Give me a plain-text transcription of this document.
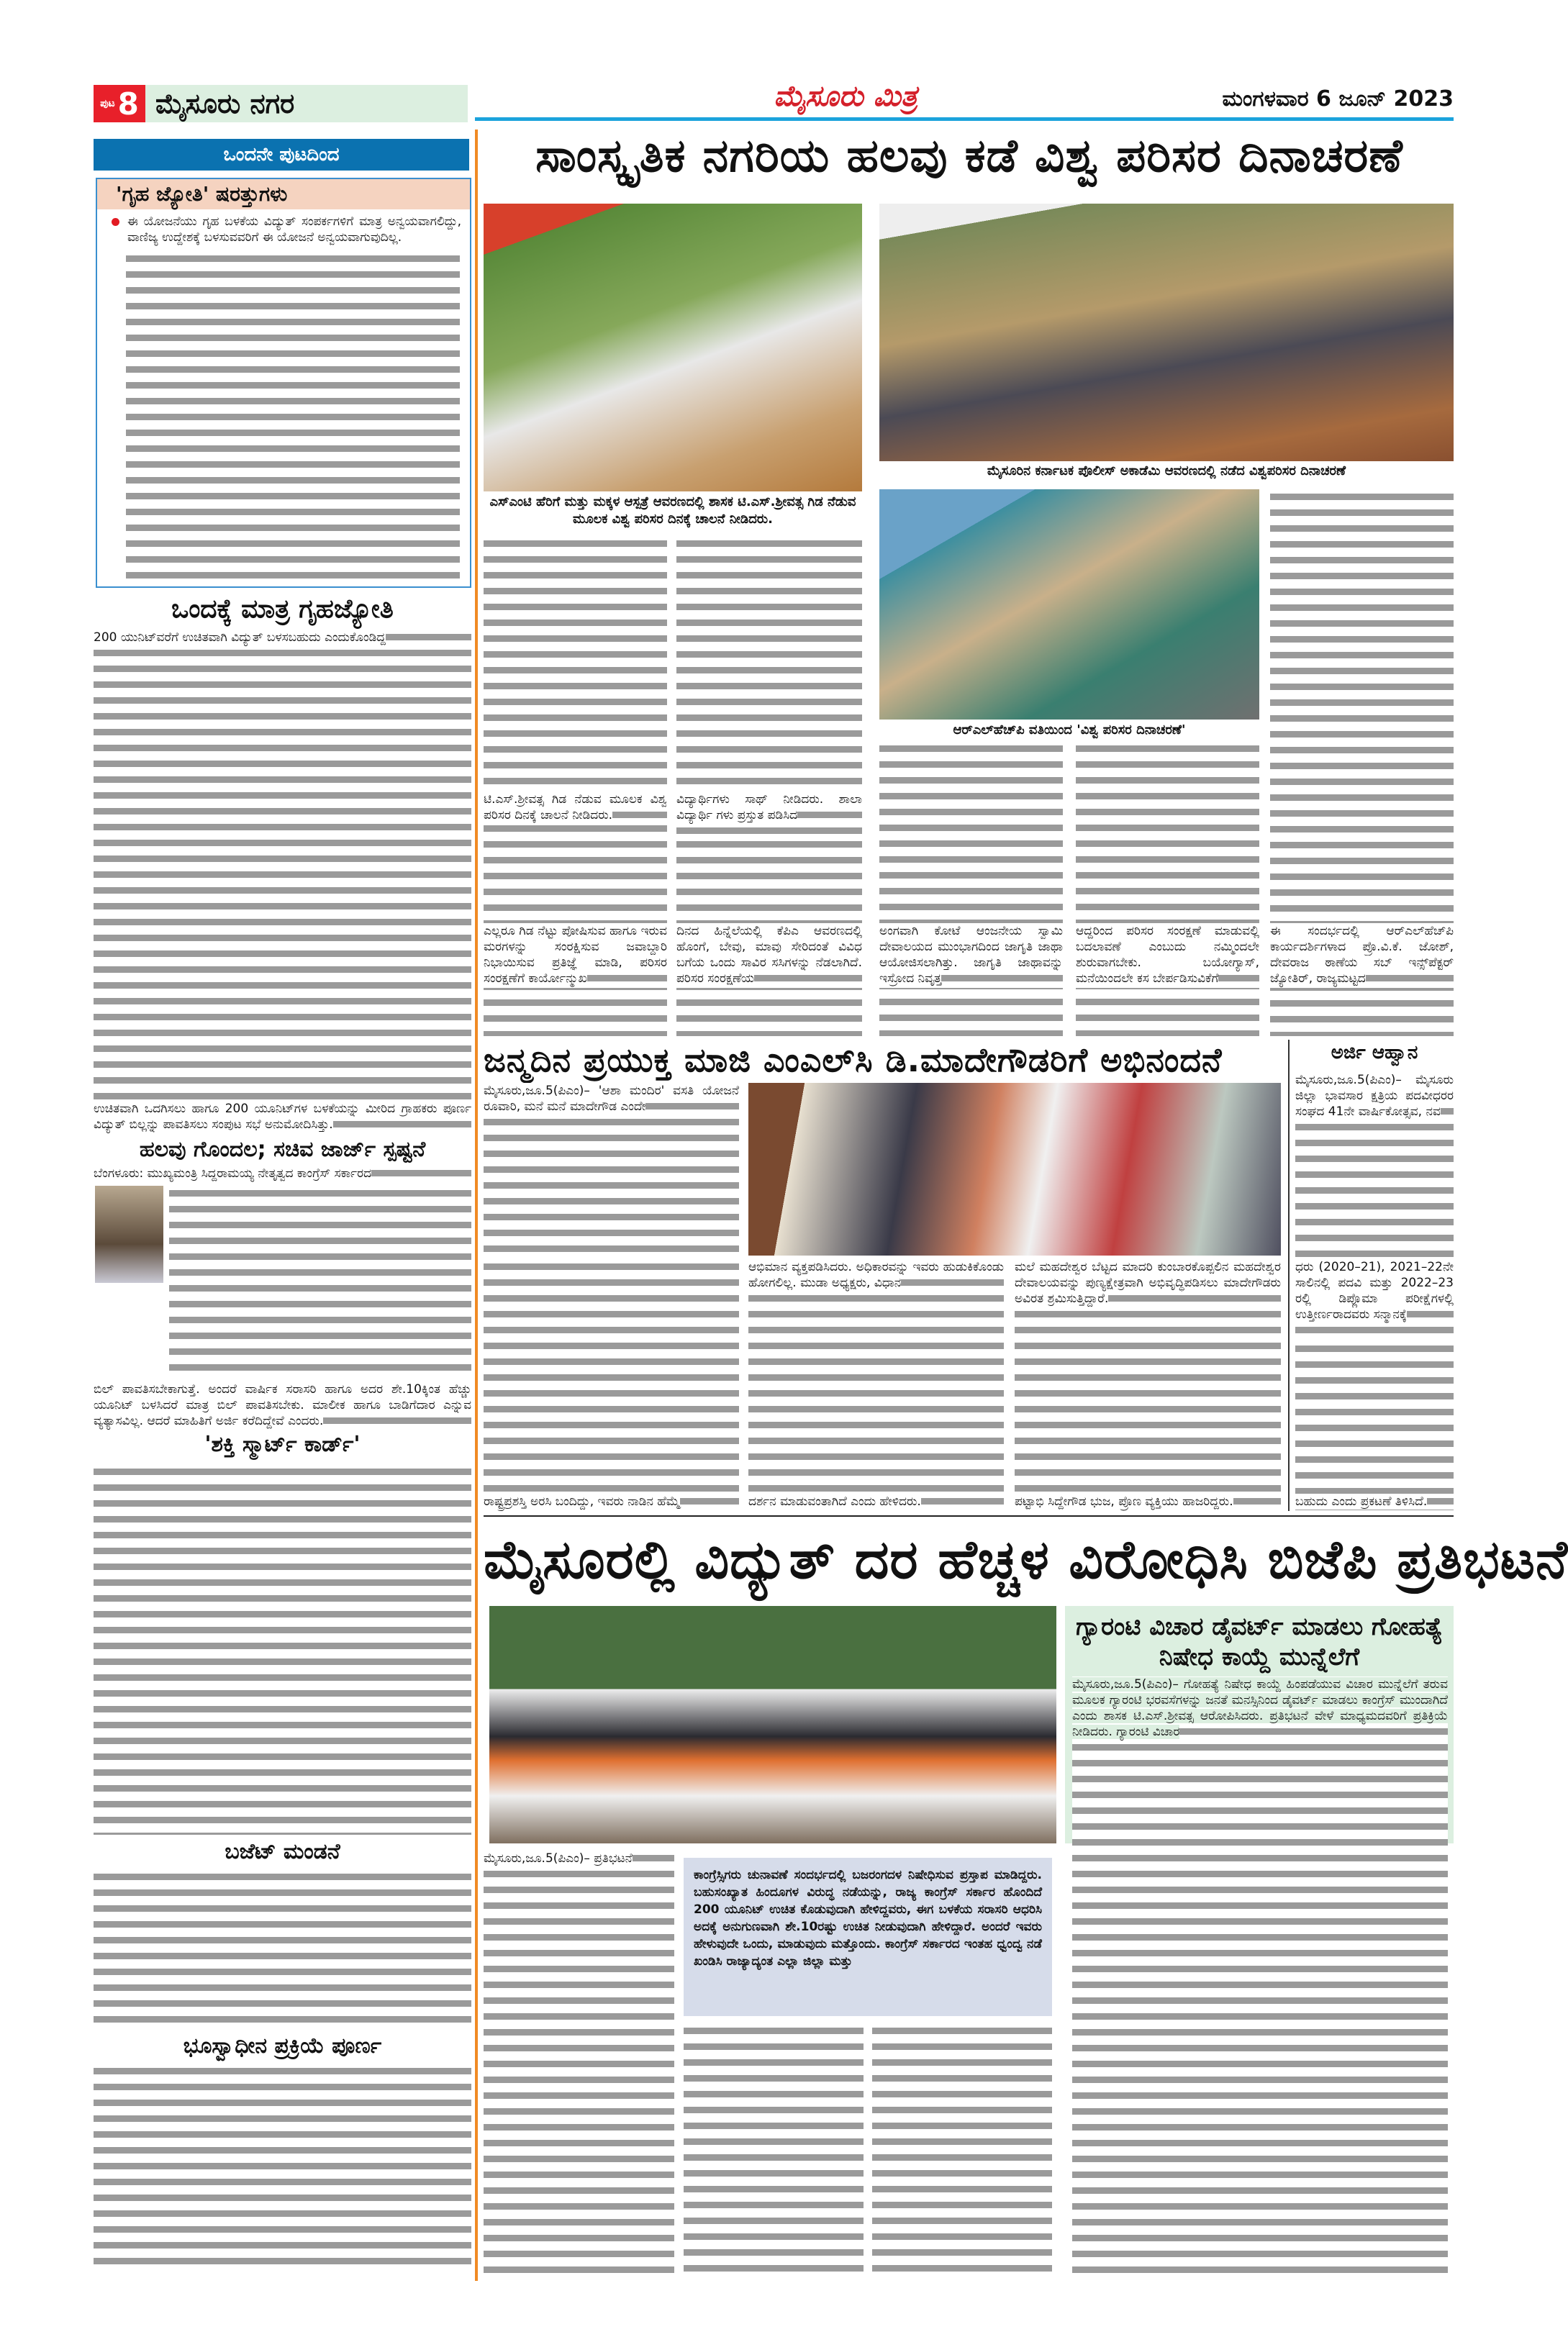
ಪುಟ 8 ಮೈಸೂರು ನಗರ	ಮೈಸೂರು ಮಿತ್ರ	ಮಂಗಳವಾರ 6 ಜೂನ್ 2023
ಒಂದನೇ ಪುಟದಿಂದ
'ಗೃಹ ಜ್ಯೋತಿ' ಷರತ್ತುಗಳು
ಈ ಯೋಜನೆಯು ಗೃಹ ಬಳಕೆಯ ವಿದ್ಯುತ್ ಸಂಪರ್ಕಗಳಿಗೆ ಮಾತ್ರ ಅನ್ವಯವಾಗಲಿದ್ದು, ವಾಣಿಜ್ಯ ಉದ್ದೇಶಕ್ಕೆ ಬಳಸುವವರಿಗೆ ಈ ಯೋಜನೆ ಅನ್ವಯವಾಗುವುದಿಲ್ಲ.
ಒಂದಕ್ಕೆ ಮಾತ್ರ ಗೃಹಜ್ಯೋತಿ
200 ಯುನಿಟ್‌ವರೆಗೆ ಉಚಿತವಾಗಿ ವಿದ್ಯುತ್ ಬಳಸಬಹುದು ಎಂದುಕೊಂಡಿದ್ದ
ಉಚಿತವಾಗಿ ಒದಗಿಸಲು ಹಾಗೂ 200 ಯೂನಿಟ್‌ಗಳ ಬಳಕೆಯನ್ನು ಮೀರಿದ ಗ್ರಾಹಕರು ಪೂರ್ಣ ವಿದ್ಯುತ್ ಬಿಲ್ಲನ್ನು ಪಾವತಿಸಲು ಸಂಪುಟ ಸಭೆ ಅನುಮೋದಿಸಿತ್ತು.
ಹಲವು ಗೊಂದಲ; ಸಚಿವ ಜಾರ್ಜ್ ಸ್ಪಷ್ಟನೆ
ಬೆಂಗಳೂರು: ಮುಖ್ಯಮಂತ್ರಿ ಸಿದ್ದರಾಮಯ್ಯ ನೇತೃತ್ವದ ಕಾಂಗ್ರೆಸ್ ಸರ್ಕಾರದ
ಬಿಲ್ ಪಾವತಿಸಬೇಕಾಗುತ್ತೆ. ಅಂದರೆ ವಾರ್ಷಿಕ ಸರಾಸರಿ ಹಾಗೂ ಅದರ ಶೇ.10ಕ್ಕಿಂತ ಹೆಚ್ಚು ಯೂನಿಟ್ ಬಳಸಿದರೆ ಮಾತ್ರ ಬಿಲ್ ಪಾವತಿಸಬೇಕು. ಮಾಲೀಕ ಹಾಗೂ ಬಾಡಿಗೆದಾರ ಎನ್ನುವ ವ್ಯತ್ಯಾಸವಿಲ್ಲ. ಆದರೆ ಮಾಹಿತಿಗೆ ಅರ್ಜಿ ಕರೆದಿದ್ದೇವೆ ಎಂದರು.
'ಶಕ್ತಿ ಸ್ಮಾರ್ಟ್ ಕಾರ್ಡ್'
ಬಜೆಟ್ ಮಂಡನೆ
ಭೂಸ್ವಾಧೀನ ಪ್ರಕ್ರಿಯೆ ಪೂರ್ಣ
ಸಾಂಸ್ಕೃತಿಕ ನಗರಿಯ ಹಲವು ಕಡೆ ವಿಶ್ವ ಪರಿಸರ ದಿನಾಚರಣೆ
ಎಸ್‌ಎಂಟಿ ಹೆರಿಗೆ ಮತ್ತು ಮಕ್ಕಳ ಆಸ್ಪತ್ರೆ ಆವರಣದಲ್ಲಿ ಶಾಸಕ ಟಿ.ಎಸ್.ಶ್ರೀವತ್ಸ ಗಿಡ ನೆಡುವ ಮೂಲಕ ವಿಶ್ವ ಪರಿಸರ ದಿನಕ್ಕೆ ಚಾಲನೆ ನೀಡಿದರು.
ಮೈಸೂರಿನ ಕರ್ನಾಟಕ ಪೊಲೀಸ್ ಅಕಾಡೆಮಿ ಆವರಣದಲ್ಲಿ ನಡೆದ ವಿಶ್ವಪರಿಸರ ದಿನಾಚರಣೆ
ಆರ್‌ಎಲ್‌ಹೆಚ್‌ಪಿ ವತಿಯಿಂದ 'ವಿಶ್ವ ಪರಿಸರ ದಿನಾಚರಣೆ'
ಟಿ.ಎಸ್.ಶ್ರೀವತ್ಸ ಗಿಡ ನೆಡುವ ಮೂಲಕ ವಿಶ್ವ ಪರಿಸರ ದಿನಕ್ಕೆ ಚಾಲನೆ ನೀಡಿದರು.
ವಿದ್ಯಾರ್ಥಿಗಳು ಸಾಥ್ ನೀಡಿದರು. ಶಾಲಾ ವಿದ್ಯಾರ್ಥಿ ಗಳು ಪ್ರಸ್ತುತ ಪಡಿಸಿದ
ಎಲ್ಲರೂ ಗಿಡ ನೆಟ್ಟು ಪೋಷಿಸುವ ಹಾಗೂ ಇರುವ ಮರಗಳನ್ನು ಸಂರಕ್ಷಿಸುವ ಜವಾಬ್ದಾರಿ ನಿಭಾಯಿಸುವ ಪ್ರತಿಜ್ಞೆ ಮಾಡಿ, ಪರಿಸರ ಸಂರಕ್ಷಣೆಗೆ ಕಾರ್ಯೋನ್ಮುಖ
ದಿನದ ಹಿನ್ನೆಲೆಯಲ್ಲಿ ಕೆಪಿಎ ಆವರಣದಲ್ಲಿ ಹೊಂಗೆ, ಬೇವು, ಮಾವು ಸೇರಿದಂತೆ ವಿವಿಧ ಬಗೆಯ ಒಂದು ಸಾವಿರ ಸಸಿಗಳನ್ನು ನೆಡಲಾಗಿದೆ. ಪರಿಸರ ಸಂರಕ್ಷಣೆಯ
ಅಂಗವಾಗಿ ಕೋಟೆ ಆಂಜನೇಯ ಸ್ವಾಮಿ ದೇವಾಲಯದ ಮುಂಭಾಗದಿಂದ ಜಾಗೃತಿ ಜಾಥಾ ಆಯೋಜಿಸಲಾಗಿತ್ತು. ಜಾಗೃತಿ ಜಾಥಾವನ್ನು ಇಸ್ರೋದ ನಿವೃತ್ತ
ಆದ್ದರಿಂದ ಪರಿಸರ ಸಂರಕ್ಷಣೆ ಮಾಡುವಲ್ಲಿ ಬದಲಾವಣೆ ಎಂಬುದು ನಮ್ಮಿಂದಲೇ ಶುರುವಾಗಬೇಕು. ಬಯೋಗ್ಯಾಸ್, ಮನೆಯಿಂದಲೇ ಕಸ ಬೇರ್ಪಡಿಸುವಿಕೆಗೆ
ಈ ಸಂದರ್ಭದಲ್ಲಿ ಆರ್‌ಎಲ್‌ಹೆಚ್‌ಪಿ ಕಾರ್ಯದರ್ಶಿಗಳಾದ ಪ್ರೊ.ವಿ.ಕೆ. ಜೋಶ್, ದೇವರಾಜ ಠಾಣೆಯ ಸಬ್ ಇನ್ಸ್‌ಪೆಕ್ಟರ್ ಜ್ಯೋತಿರ್, ರಾಜ್ಯಮಟ್ಟದ
ಜನ್ಮದಿನ ಪ್ರಯುಕ್ತ ಮಾಜಿ ಎಂಎಲ್‌ಸಿ ಡಿ.ಮಾದೇಗೌಡರಿಗೆ ಅಭಿನಂದನೆ
ಮೈಸೂರು,ಜೂ.5(ಪಿಎಂ)– 'ಆಶಾ ಮಂದಿರ' ವಸತಿ ಯೋಜನೆ ರೂವಾರಿ, ಮನೆ ಮನೆ ಮಾದೇಗೌಡ ಎಂದೇ
ಆಭಿಮಾನ ವ್ಯಕ್ತಪಡಿಸಿದರು. ಅಧಿಕಾರವನ್ನು ಇವರು ಹುಡುಕಿಕೊಂಡು ಹೋಗಲಿಲ್ಲ. ಮುಡಾ ಅಧ್ಯಕ್ಷರು, ವಿಧಾನ
ಮಲೆ ಮಹದೇಶ್ವರ ಬೆಟ್ಟದ ಮಾದರಿ ಕುಂಬಾರಕೊಪ್ಪಲಿನ ಮಹದೇಶ್ವರ ದೇವಾಲಯವನ್ನು ಪುಣ್ಯಕ್ಷೇತ್ರವಾಗಿ ಅಭಿವೃದ್ಧಿಪಡಿಸಲು ಮಾದೇಗೌಡರು ಅವಿರತ ಶ್ರಮಿಸುತ್ತಿದ್ದಾರೆ.
ರಾಷ್ಟ್ರಪ್ರಶಸ್ತಿ ಅರಸಿ ಬಂದಿದ್ದು, ಇವರು ನಾಡಿನ ಹೆಮ್ಮೆ	ದರ್ಶನ ಮಾಡುವಂತಾಗಿದೆ ಎಂದು ಹೇಳಿದರು.	ಪಟ್ಟಾಭಿ ಸಿದ್ದೇಗೌಡ ಭುಜ, ಪ್ರೊಣ ವ್ಯಕ್ತಿಯು ಹಾಜರಿದ್ದರು.
ಅರ್ಜಿ ಆಹ್ವಾನ
ಮೈಸೂರು,ಜೂ.5(ಪಿಎಂ)– ಮೈಸೂರು ಜಿಲ್ಲಾ ಭಾವಸಾರ ಕ್ಷತ್ರಿಯ ಪದವೀಧರರ ಸಂಘದ 41ನೇ ವಾರ್ಷಿಕೋತ್ಸವ, ನವ
ಧರು (2020–21), 2021–22ನೇ ಸಾಲಿನಲ್ಲಿ ಪದವಿ ಮತ್ತು 2022–23 ರಲ್ಲಿ ಡಿಪ್ಲೊಮಾ ಪರೀಕ್ಷೆಗಳಲ್ಲಿ ಉತ್ತೀರ್ಣರಾದವರು ಸನ್ಮಾನಕ್ಕೆ
ಬಹುದು ಎಂದು ಪ್ರಕಟಣೆ ತಿಳಿಸಿದೆ.
ಮೈಸೂರಲ್ಲಿ ವಿದ್ಯುತ್ ದರ ಹೆಚ್ಚಳ ವಿರೋಧಿಸಿ ಬಿಜೆಪಿ ಪ್ರತಿಭಟನೆ
ಗ್ಯಾರಂಟಿ ವಿಚಾರ ಡೈವರ್ಟ್ ಮಾಡಲು ಗೋಹತ್ಯೆ ನಿಷೇಧ ಕಾಯ್ದೆ ಮುನ್ನೆಲೆಗೆ
ಮೈಸೂರು,ಜೂ.5(ಪಿಎಂ)– ಗೋಹತ್ಯೆ ನಿಷೇಧ ಕಾಯ್ದೆ ಹಿಂಪಡೆಯುವ ವಿಚಾರ ಮುನ್ನೆಲೆಗೆ ತರುವ ಮೂಲಕ ಗ್ಯಾರಂಟಿ ಭರವಸೆಗಳನ್ನು ಜನತೆ ಮನಸ್ಸಿನಿಂದ ಡೈವರ್ಟ್ ಮಾಡಲು ಕಾಂಗ್ರೆಸ್ ಮುಂದಾಗಿದೆ ಎಂದು ಶಾಸಕ ಟಿ.ಎಸ್.ಶ್ರೀವತ್ಸ ಆರೋಪಿಸಿದರು. ಪ್ರತಿಭಟನೆ ವೇಳೆ ಮಾಧ್ಯಮದವರಿಗೆ ಪ್ರತಿಕ್ರಿಯೆ ನೀಡಿದರು. ಗ್ಯಾರಂಟಿ ವಿಚಾರ
ಮೈಸೂರು,ಜೂ.5(ಪಿಎಂ)– ಪ್ರತಿಭಟನೆ
ಕಾಂಗ್ರೆಸ್ಸಿಗರು ಚುನಾವಣೆ ಸಂದರ್ಭದಲ್ಲಿ ಬಜರಂಗದಳ ನಿಷೇಧಿಸುವ ಪ್ರಸ್ತಾಪ ಮಾಡಿದ್ದರು. ಬಹುಸಂಖ್ಯಾತ ಹಿಂದೂಗಳ ವಿರುದ್ಧ ನಡೆಯನ್ನು, ರಾಜ್ಯ ಕಾಂಗ್ರೆಸ್ ಸರ್ಕಾರ ಹೊಂದಿದೆ 200 ಯೂನಿಟ್ ಉಚಿತ ಕೊಡುವುದಾಗಿ ಹೇಳಿದ್ದವರು, ಈಗ ಬಳಕೆಯ ಸರಾಸರಿ ಆಧರಿಸಿ ಅದಕ್ಕೆ ಅನುಗುಣವಾಗಿ ಶೇ.10ರಷ್ಟು ಉಚಿತ ನೀಡುವುದಾಗಿ ಹೇಳಿದ್ದಾರೆ. ಅಂದರೆ ಇವರು ಹೇಳುವುದೇ ಒಂದು, ಮಾಡುವುದು ಮತ್ತೊಂದು. ಕಾಂಗ್ರೆಸ್ ಸರ್ಕಾರದ ಇಂತಹ ಧ್ವಂದ್ವ ನಡೆ ಖಂಡಿಸಿ ರಾಜ್ಯಾದ್ಯಂತ ಎಲ್ಲಾ ಜಿಲ್ಲಾ ಮತ್ತು
